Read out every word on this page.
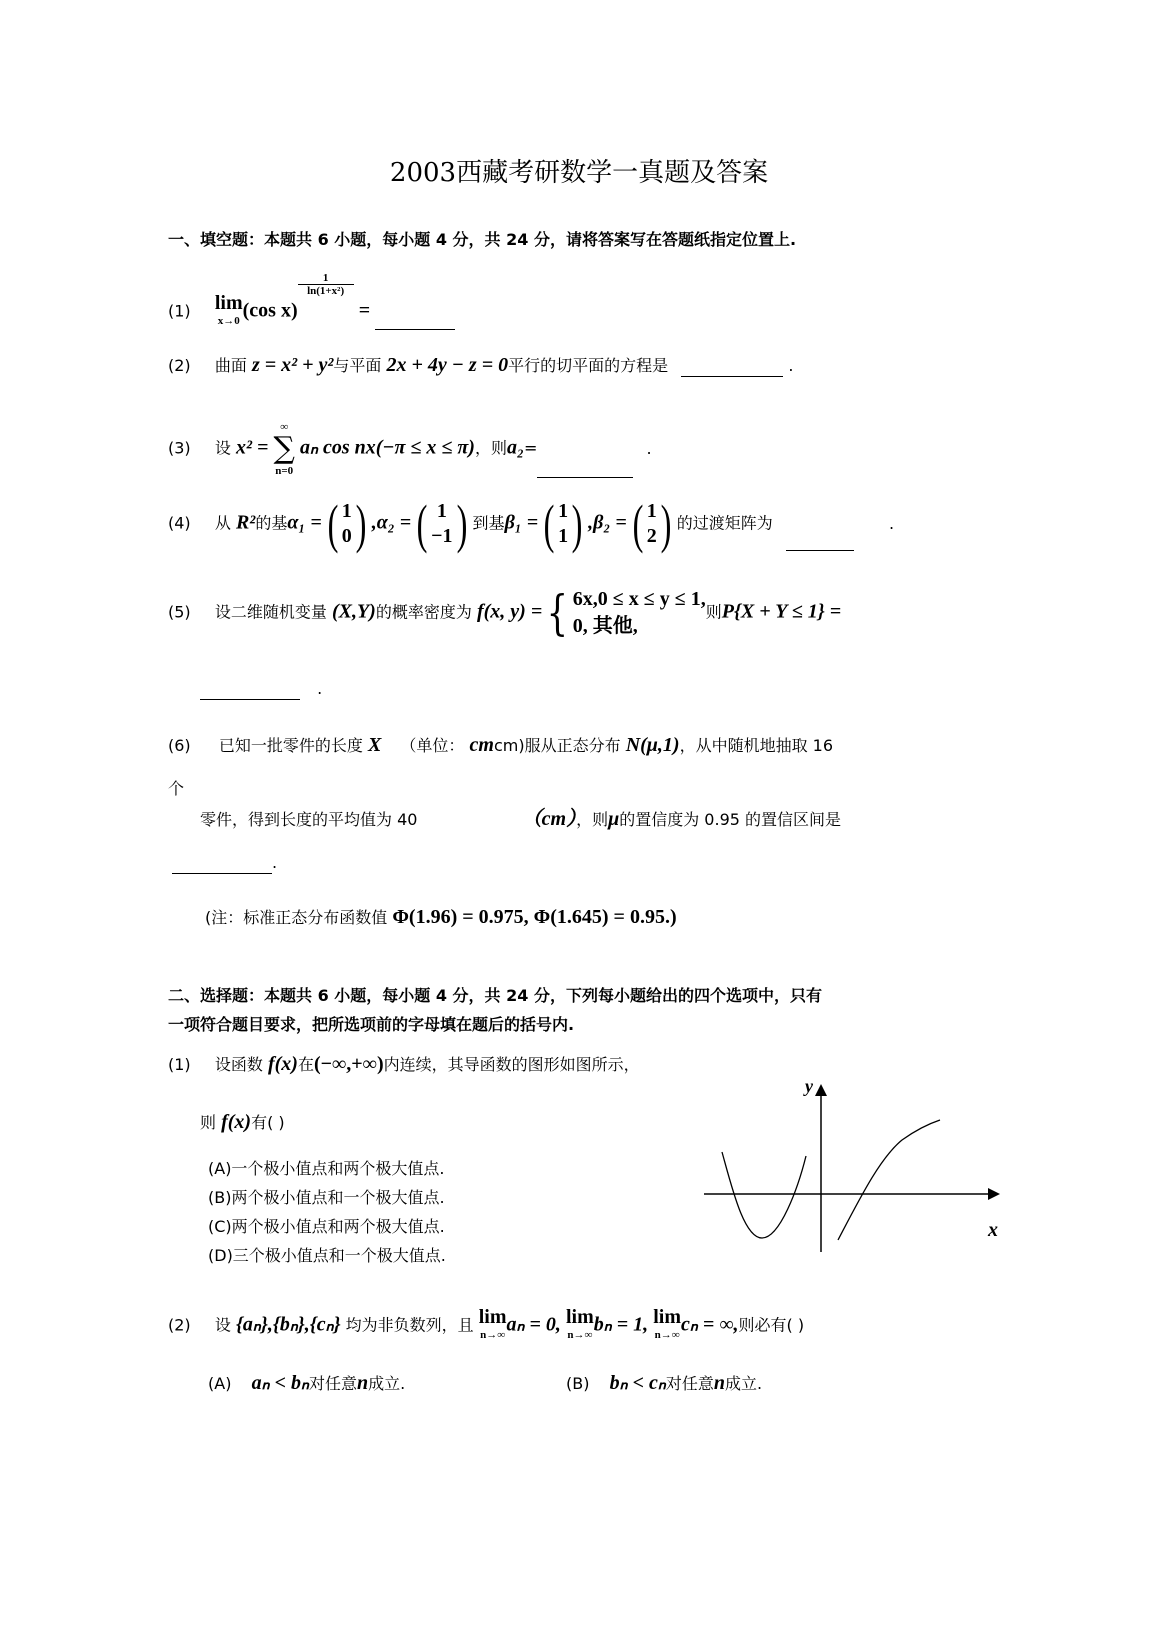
2003西藏考研数学一真题及答案
一、填空题：本题共 6 小题，每小题 4 分，共 24 分，请将答案写在答题纸指定位置上.
(1) lim
x→0 (cos x)
$\frac{1}{\text{ln(1+x²)}}$
=
(2) 曲面 z = x² + y²与平面 2x + 4y − z = 0平行的切平面的方程是	.
(3) 设 x² =
∞
∑
n=0
aₙ cos nx(−π ≤ x ≤ π)，则a₂=	.
(4) 从 R²的基α₁ = ( 1
0 ) ,α₂ = ( 1
−1 ) 到基β₁ = ( 1
1 ) ,β₂ = ( 1
2 ) 的过渡矩阵为	.
(5) 设二维随机变量 (X,Y)的概率密度为 f(x, y) = { 6x,0 ≤ x ≤ y ≤ 1,
0, 其他,
则P{X + Y ≤ 1} =
.
(6) 已知一批零件的长度 X （单位： cmcm)服从正态分布 N(μ,1)，从中随机地抽取 16
个
零件，得到长度的平均值为 40	（cm），则μ的置信度为 0.95 的置信区间是
.
(注：标准正态分布函数值 Φ(1.96) = 0.975, Φ(1.645) = 0.95.)
二、选择题：本题共 6 小题，每小题 4 分，共 24 分，下列每小题给出的四个选项中，只有
一项符合题目要求，把所选项前的字母填在题后的括号内.
(1) 设函数 f(x)在(−∞,+∞)内连续，其导函数的图形如图所示，
则 f(x)有( )
(A)一个极小值点和两个极大值点.
(B)两个极小值点和一个极大值点.
(C)两个极小值点和两个极大值点.
(D)三个极小值点和一个极大值点.
y
x
(2) 设 {aₙ},{bₙ},{cₙ} 均为非负数列，且 lim
n→∞ aₙ = 0, lim
n→∞ bₙ = 1, lim
n→∞ cₙ = ∞,则必有( )
(A) aₙ < bₙ对任意n成立.	(B) bₙ < cₙ对任意n成立.
